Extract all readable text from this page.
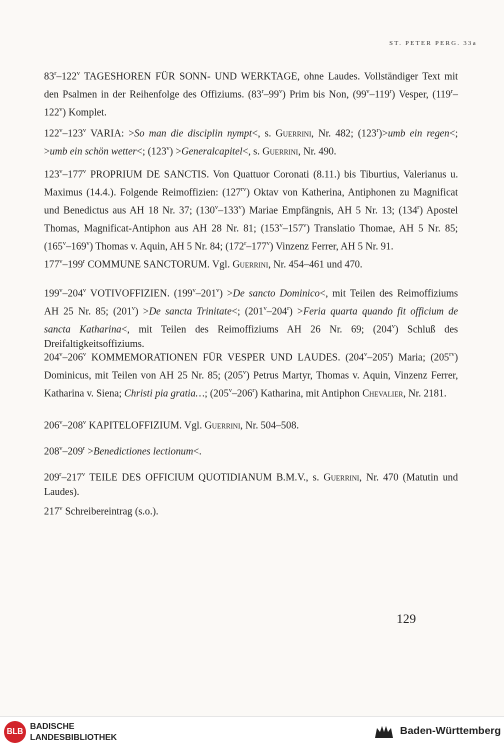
ST. PETER PERG. 33a

83$^r$–122$^v$ TAGESHOREN FÜR SONN- UND WERKTAGE, ohne Laudes. Vollständiger Text mit den Psalmen in der Reihenfolge des Offiziums. (83$^r$–99$^v$) Prim bis Non, (99$^v$–119$^r$) Vesper, (119$^r$–122$^v$) Komplet.

122$^v$–123$^v$ VARIA: >So man die disciplin nympt<, s. Guerrini, Nr. 482; $(123^r)>umb$ ein regen<; >umb ein schön wetter<; $(123^v)$ >Generalcapitel<, s. Guerrini, Nr. 490.

123$^v$–177$^v$ PROPRIUM DE SANCTIS. Von Quattuor Coronati (8.11.) bis Tiburtius, Valerianus u. Maximus (14.4.). Folgende Reimoffizien: $(127^{rv})$ Oktav von Katherina, Antiphonen zu Magnificat und Benedictus aus AH 18 Nr. 37; (130$^v$–133$^v$) Mariae Empfängnis, AH 5 Nr. 13; (134$^r$) Apostel Thomas, Magnificat-Antiphon aus AH 28 Nr. 81; (153$^v$–157$^v$) Translatio Thomae, AH 5 Nr. 85; (165$^v$–169$^v$) Thomas v. Aquin, AH 5 Nr. 84; (172$^r$–177$^v$) Vinzenz Ferrer, AH 5 Nr. 91.

177$^v$–199$^r$ COMMUNE SANCTORUM. Vgl. Guerrini, Nr. 454–461 und 470.

199$^v$–204$^v$ VOTIVOFFIZIEN. $(199^v-201^v) >De$ sancto Dominico<, mit Teilen des Reimoffiziums AH 25 Nr. 85; $(201^v) >De$ sancta Trinitate<; $(201^v-204^r)$ >Feria quarta quando fit officium de sancta Katharina<, mit Teilen des Reimoffiziums AH 26 Nr. 69; (204$^v$) Schluß des Dreifaltigkeitsoffiziums.

204$^v$–206$^v$ KOMMEMORATIONEN FÜR VESPER UND LAUDES. (204$^v$–205$^r$) Maria; $(205^{rv})$ Dominicus, mit Teilen von AH 25 Nr. 85; (205$^v$) Petrus Martyr, Thomas v. Aquin, Vinzenz Ferrer, Katharina v. Siena; Christi pia gratia…; (205$^v$–206$^r$) Katharina, mit Antiphon Chevalier, Nr. 2181.

206$^v$–208$^v$ KAPITELOFFIZIUM. Vgl. Guerrini, Nr. 504–508.

$208^v-209^r$ >Benedictiones lectionum<.

209$^r$–217$^v$ TEILE DES OFFICIUM QUOTIDIANUM B.M.V., s. Guerrini, Nr. 470 (Matutin und Laudes).

217$^v$ Schreibereintrag (s.o.).

129
BLB
BADISCHE
LANDESBIBLIOTHEK	Baden-Württemberg
